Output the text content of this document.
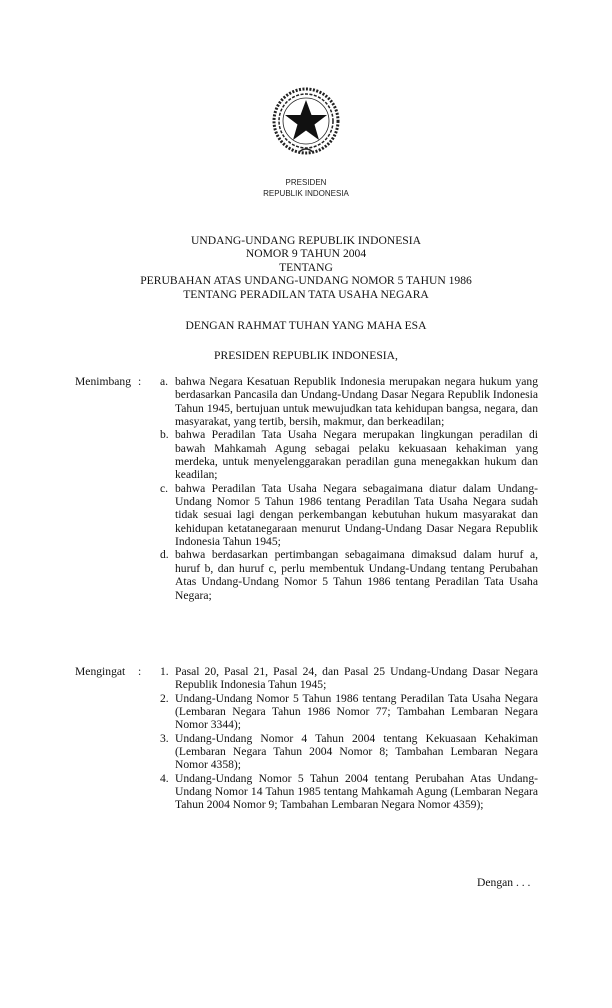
PRESIDEN
REPUBLIK INDONESIA
UNDANG-UNDANG REPUBLIK INDONESIA
NOMOR 9 TAHUN 2004
TENTANG
PERUBAHAN ATAS UNDANG-UNDANG NOMOR 5 TAHUN 1986
TENTANG PERADILAN TATA USAHA NEGARA
DENGAN RAHMAT TUHAN YANG MAHA ESA
PRESIDEN REPUBLIK INDONESIA,
Menimbang : a. bahwa Negara Kesatuan Republik Indonesia merupakan negara hukum yang berdasarkan Pancasila dan Undang-Undang Dasar Negara Republik Indonesia Tahun 1945, bertujuan untuk mewujudkan tata kehidupan bangsa, negara, dan masyarakat, yang tertib, bersih, makmur, dan berkeadilan;
b. bahwa Peradilan Tata Usaha Negara merupakan lingkungan peradilan di bawah Mahkamah Agung sebagai pelaku kekuasaan kehakiman yang merdeka, untuk menyelenggarakan peradilan guna menegakkan hukum dan keadilan;
c. bahwa Peradilan Tata Usaha Negara sebagaimana diatur dalam Undang-Undang Nomor 5 Tahun 1986 tentang Peradilan Tata Usaha Negara sudah tidak sesuai lagi dengan perkembangan kebutuhan hukum masyarakat dan kehidupan ketatanegaraan menurut Undang-Undang Dasar Negara Republik Indonesia Tahun 1945;
d. bahwa berdasarkan pertimbangan sebagaimana dimaksud dalam huruf a, huruf b, dan huruf c, perlu membentuk Undang-Undang tentang Perubahan Atas Undang-Undang Nomor 5 Tahun 1986 tentang Peradilan Tata Usaha Negara;
Mengingat : 1. Pasal 20, Pasal 21, Pasal 24, dan Pasal 25 Undang-Undang Dasar Negara Republik Indonesia Tahun 1945;
2. Undang-Undang Nomor 5 Tahun 1986 tentang Peradilan Tata Usaha Negara (Lembaran Negara Tahun 1986 Nomor 77; Tambahan Lembaran Negara Nomor 3344);
3. Undang-Undang Nomor 4 Tahun 2004 tentang Kekuasaan Kehakiman (Lembaran Negara Tahun 2004 Nomor 8; Tambahan Lembaran Negara Nomor 4358);
4. Undang-Undang Nomor 5 Tahun 2004 tentang Perubahan Atas Undang-Undang Nomor 14 Tahun 1985 tentang Mahkamah Agung (Lembaran Negara Tahun 2004 Nomor 9; Tambahan Lembaran Negara Nomor 4359);
Dengan . . .
